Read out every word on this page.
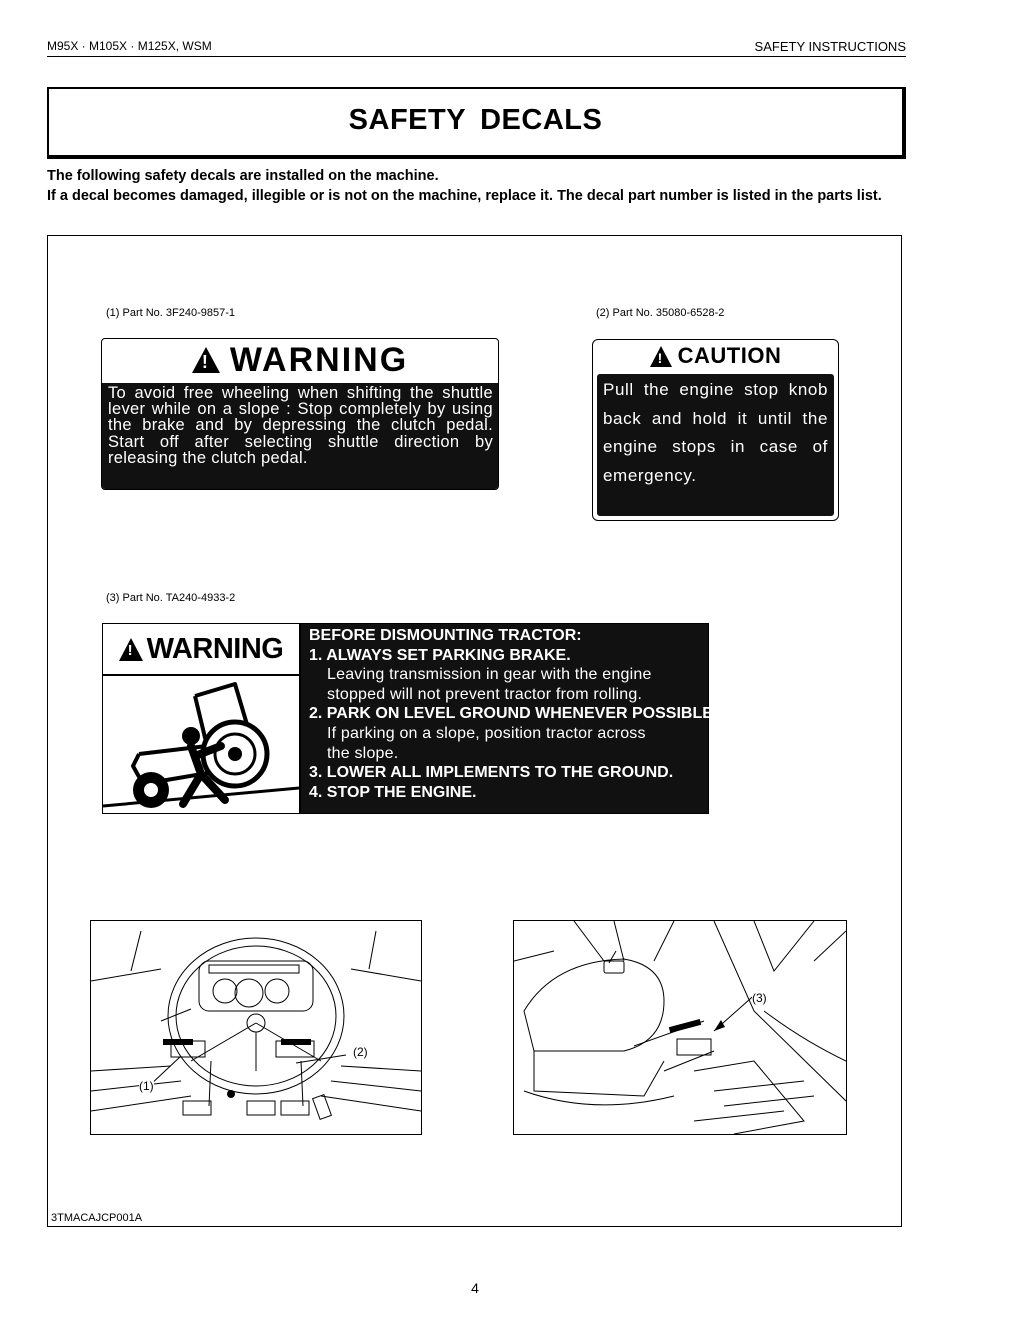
M95X · M105X · M125X, WSM	SAFETY INSTRUCTIONS
SAFETY DECALS

The following safety decals are installed on the machine.

If a decal becomes damaged, illegible or is not on the machine, replace it. The decal part number is listed in the parts list.

(1) Part No. 3F240-9857-1	(2) Part No. 35080-6528-2
(3) Part No. TA240-4933-2
!
WARNING
To avoid free wheeling when shifting the shuttle lever while on a slope : Stop completely by using the brake and by depressing the clutch pedal. Start off after selecting shuttle direction by releasing the clutch pedal.
!
CAUTION
Pull the engine stop knob back and hold it until the engine stops in case of emergency.
!
WARNING BEFORE DISMOUNTING TRACTOR:
1. ALWAYS SET PARKING BRAKE.
Leaving transmission in gear with the engine
stopped will not prevent tractor from rolling.
2. PARK ON LEVEL GROUND WHENEVER POSSIBLE.
If parking on a slope, position tractor across
the slope.
3. LOWER ALL IMPLEMENTS TO THE GROUND.
4. STOP THE ENGINE.
(1)
(2)
(3)
3TMACAJCP001A
4
